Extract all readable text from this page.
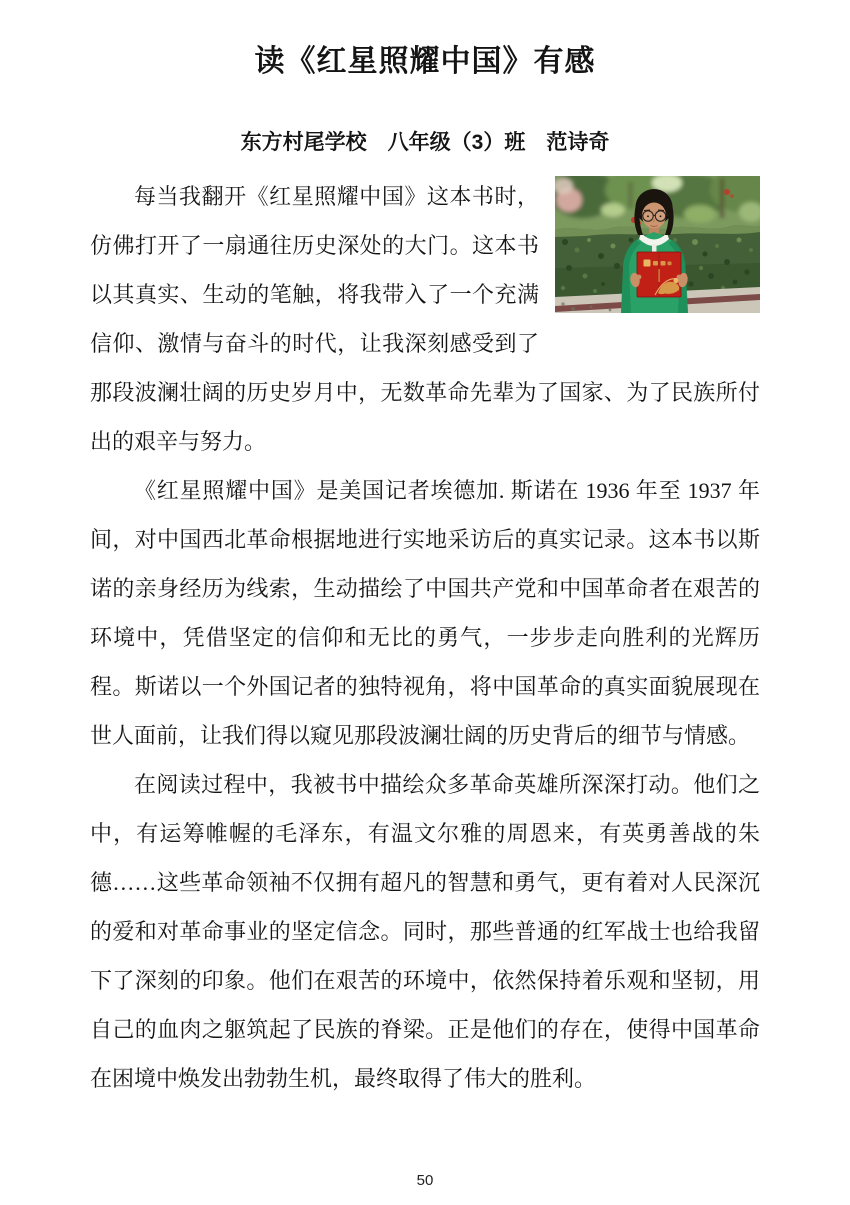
读《红星照耀中国》有感
东方村尾学校　八年级（3）班　范诗奇
每当我翻开《红星照耀中国》这本书时，仿佛打开了一扇通往历史深处的大门。这本书以其真实、生动的笔触，将我带入了一个充满信仰、激情与奋斗的时代，让我深刻感受到了那段波澜壮阔的历史岁月中，无数革命先辈为了国家、为了民族所付出的艰辛与努力。
《红星照耀中国》是美国记者埃德加. 斯诺在 1936 年至 1937 年间，对中国西北革命根据地进行实地采访后的真实记录。这本书以斯诺的亲身经历为线索，生动描绘了中国共产党和中国革命者在艰苦的环境中，凭借坚定的信仰和无比的勇气，一步步走向胜利的光辉历程。斯诺以一个外国记者的独特视角，将中国革命的真实面貌展现在世人面前，让我们得以窥见那段波澜壮阔的历史背后的细节与情感。
在阅读过程中，我被书中描绘众多革命英雄所深深打动。他们之中，有运筹帷幄的毛泽东，有温文尔雅的周恩来，有英勇善战的朱德……这些革命领袖不仅拥有超凡的智慧和勇气，更有着对人民深沉的爱和对革命事业的坚定信念。同时，那些普通的红军战士也给我留下了深刻的印象。他们在艰苦的环境中，依然保持着乐观和坚韧，用自己的血肉之躯筑起了民族的脊梁。正是他们的存在，使得中国革命在困境中焕发出勃勃生机，最终取得了伟大的胜利。
50
